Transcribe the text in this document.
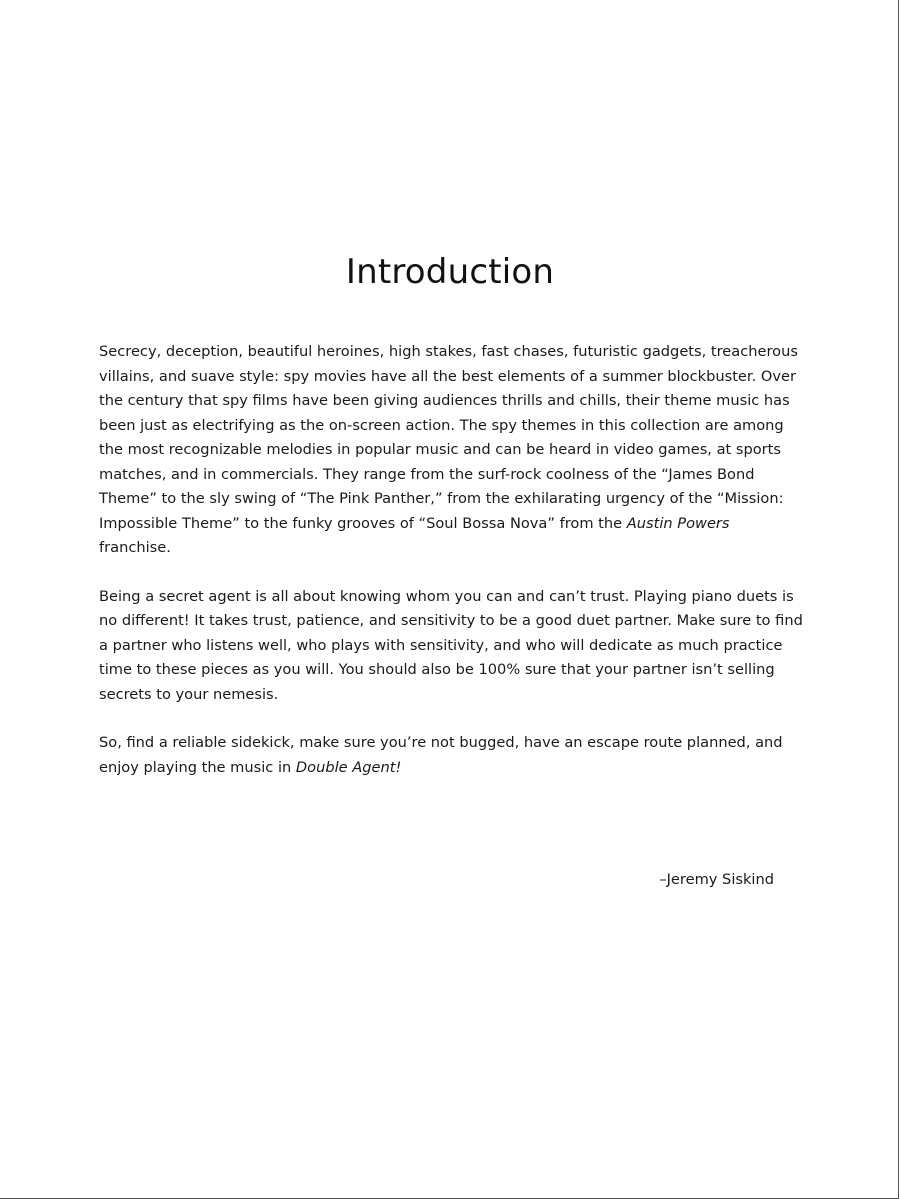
Introduction

Secrecy, deception, beautiful heroines, high stakes, fast chases, futuristic gadgets, treacherous villains, and suave style: spy movies have all the best elements of a summer blockbuster. Over the century that spy films have been giving audiences thrills and chills, their theme music has been just as electrifying as the on-screen action. The spy themes in this collection are among the most recognizable melodies in popular music and can be heard in video games, at sports matches, and in commercials. They range from the surf-rock coolness of the “James Bond Theme” to the sly swing of “The Pink Panther,” from the exhilarating urgency of the “Mission: Impossible Theme” to the funky grooves of “Soul Bossa Nova” from the Austin Powers franchise.

Being a secret agent is all about knowing whom you can and can’t trust. Playing piano duets is no different! It takes trust, patience, and sensitivity to be a good duet partner. Make sure to find a partner who listens well, who plays with sensitivity, and who will dedicate as much practice time to these pieces as you will. You should also be 100% sure that your partner isn’t selling secrets to your nemesis.

So, find a reliable sidekick, make sure you’re not bugged, have an escape route planned, and enjoy playing the music in Double Agent!

–Jeremy Siskind
